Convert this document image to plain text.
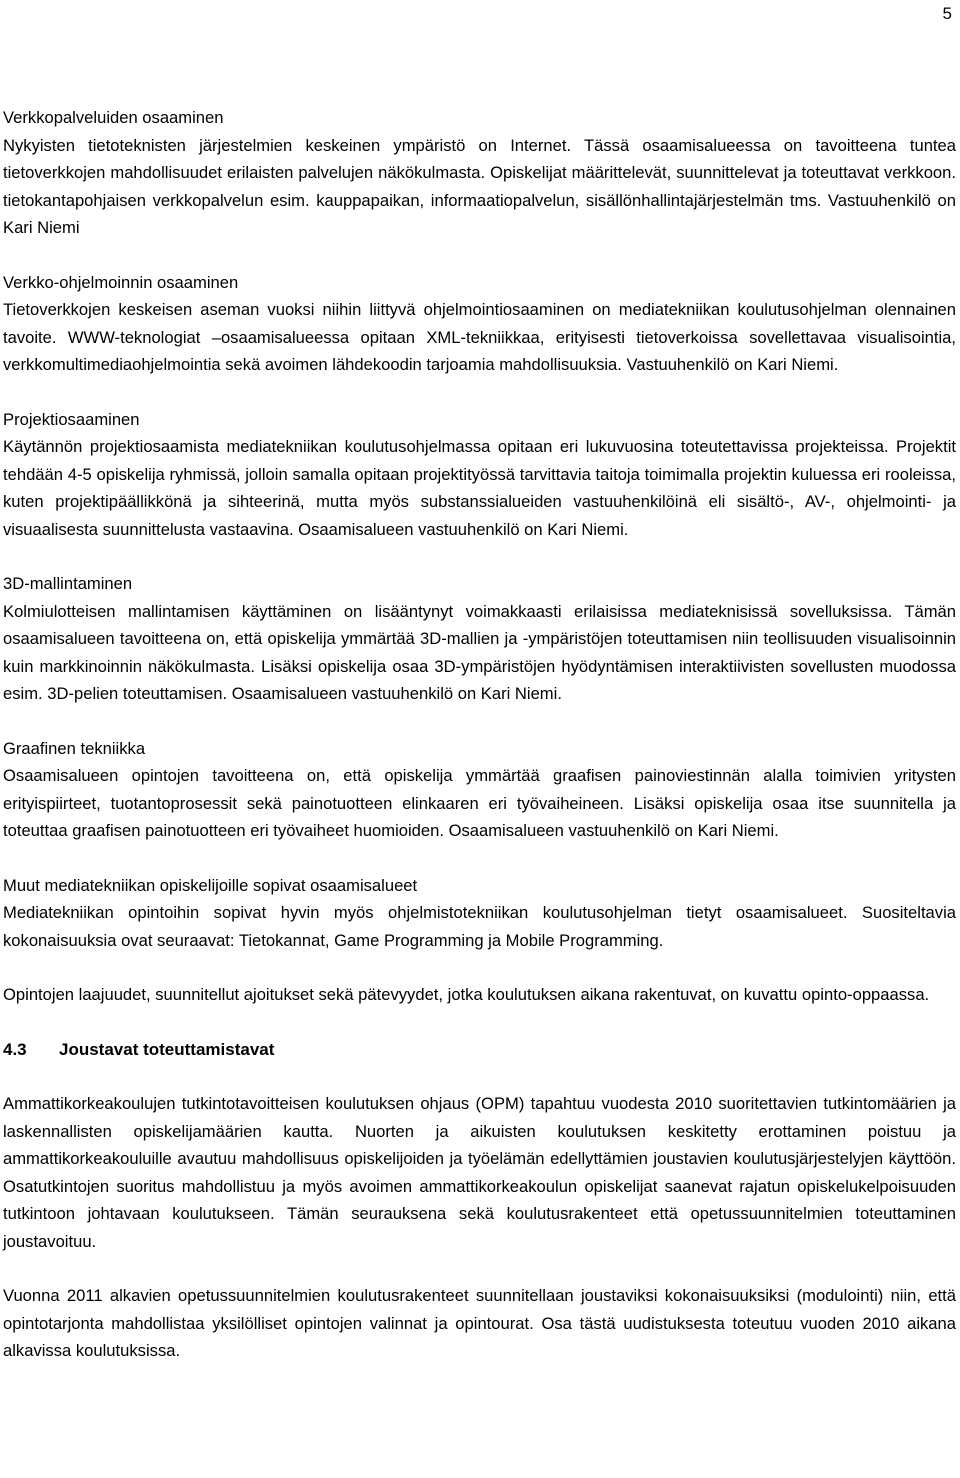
5

Verkkopalveluiden osaaminen

Nykyisten tietoteknisten järjestelmien keskeinen ympäristö on Internet. Tässä osaamisalueessa on tavoitteena tuntea tietoverkkojen mahdollisuudet erilaisten palvelujen näkökulmasta. Opiskelijat määrittelevät, suunnittelevat ja toteuttavat verkkoon. tietokantapohjaisen verkkopalvelun esim. kauppapaikan, informaatiopalvelun, sisällönhallintajärjestelmän tms. Vastuuhenkilö on Kari Niemi

Verkko-ohjelmoinnin osaaminen

Tietoverkkojen keskeisen aseman vuoksi niihin liittyvä ohjelmointiosaaminen on mediatekniikan koulutusohjelman olennainen tavoite. WWW-teknologiat –osaamisalueessa opitaan XML-tekniikkaa, erityisesti tietoverkoissa sovellettavaa visualisointia, verkkomultimediaohjelmointia sekä avoimen lähdekoodin tarjoamia mahdollisuuksia. Vastuuhenkilö on Kari Niemi.

Projektiosaaminen

Käytännön projektiosaamista mediatekniikan koulutusohjelmassa opitaan eri lukuvuosina toteutettavissa projekteissa. Projektit tehdään 4-5 opiskelija ryhmissä, jolloin samalla opitaan projektityössä tarvittavia taitoja toimimalla projektin kuluessa eri rooleissa, kuten projektipäällikkönä ja sihteerinä, mutta myös substanssialueiden vastuuhenkilöinä eli sisältö-, AV-, ohjelmointi- ja visuaalisesta suunnittelusta vastaavina. Osaamisalueen vastuuhenkilö on Kari Niemi.

3D-mallintaminen

Kolmiulotteisen mallintamisen käyttäminen on lisääntynyt voimakkaasti erilaisissa mediateknisissä sovelluksissa. Tämän osaamisalueen tavoitteena on, että opiskelija ymmärtää 3D-mallien ja -ympäristöjen toteuttamisen niin teollisuuden visualisoinnin kuin markkinoinnin näkökulmasta. Lisäksi opiskelija osaa 3D-ympäristöjen hyödyntämisen interaktiivisten sovellusten muodossa esim. 3D-pelien toteuttamisen. Osaamisalueen vastuuhenkilö on Kari Niemi.

Graafinen tekniikka

Osaamisalueen opintojen tavoitteena on, että opiskelija ymmärtää graafisen painoviestinnän alalla toimivien yritysten erityispiirteet, tuotantoprosessit sekä painotuotteen elinkaaren eri työvaiheineen. Lisäksi opiskelija osaa itse suunnitella ja toteuttaa graafisen painotuotteen eri työvaiheet huomioiden. Osaamisalueen vastuuhenkilö on Kari Niemi.

Muut mediatekniikan opiskelijoille sopivat osaamisalueet

Mediatekniikan opintoihin sopivat hyvin myös ohjelmistotekniikan koulutusohjelman tietyt osaamisalueet. Suositeltavia kokonaisuuksia ovat seuraavat: Tietokannat, Game Programming ja Mobile Programming.

Opintojen laajuudet, suunnitellut ajoitukset sekä pätevyydet, jotka koulutuksen aikana rakentuvat, on kuvattu opinto-oppaassa.

4.3 Joustavat toteuttamistavat

Ammattikorkeakoulujen tutkintotavoitteisen koulutuksen ohjaus (OPM) tapahtuu vuodesta 2010 suoritettavien tutkintomäärien ja laskennallisten opiskelijamäärien kautta. Nuorten ja aikuisten koulutuksen keskitetty erottaminen poistuu ja ammattikorkeakouluille avautuu mahdollisuus opiskelijoiden ja työelämän edellyttämien joustavien koulutusjärjestelyjen käyttöön. Osatutkintojen suoritus mahdollistuu ja myös avoimen ammattikorkeakoulun opiskelijat saanevat rajatun opiskelukelpoisuuden tutkintoon johtavaan koulutukseen. Tämän seurauksena sekä koulutusrakenteet että opetussuunnitelmien toteuttaminen joustavoituu.

Vuonna 2011 alkavien opetussuunnitelmien koulutusrakenteet suunnitellaan joustaviksi kokonaisuuksiksi (modulointi) niin, että opintotarjonta mahdollistaa yksilölliset opintojen valinnat ja opintourat. Osa tästä uudistuksesta toteutuu vuoden 2010 aikana alkavissa koulutuksissa.
